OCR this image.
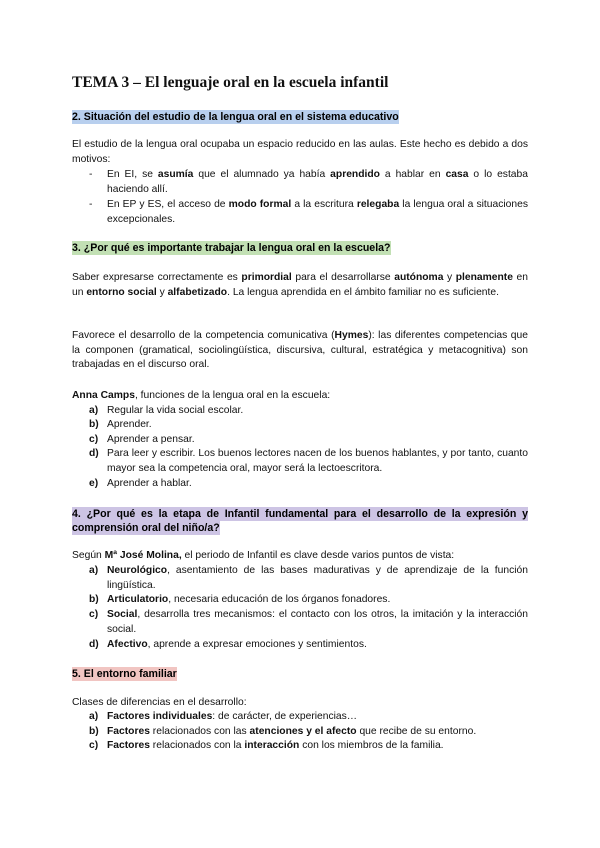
TEMA 3 – El lenguaje oral en la escuela infantil
2. Situación del estudio de la lengua oral en el sistema educativo
El estudio de la lengua oral ocupaba un espacio reducido en las aulas. Este hecho es debido a dos motivos:
- En EI, se asumía que el alumnado ya había aprendido a hablar en casa o lo estaba haciendo allí.
- En EP y ES, el acceso de modo formal a la escritura relegaba la lengua oral a situaciones excepcionales.
3. ¿Por qué es importante trabajar la lengua oral en la escuela?
Saber expresarse correctamente es primordial para el desarrollarse autónoma y plenamente en un entorno social y alfabetizado. La lengua aprendida en el ámbito familiar no es suficiente.
Favorece el desarrollo de la competencia comunicativa (Hymes): las diferentes competencias que la componen (gramatical, sociolingüística, discursiva, cultural, estratégica y metacognitiva) son trabajadas en el discurso oral.
Anna Camps, funciones de la lengua oral en la escuela:
a) Regular la vida social escolar.
b) Aprender.
c) Aprender a pensar.
d) Para leer y escribir. Los buenos lectores nacen de los buenos hablantes, y por tanto, cuanto mayor sea la competencia oral, mayor será la lectoescritora.
e) Aprender a hablar.
4. ¿Por qué es la etapa de Infantil fundamental para el desarrollo de la expresión y
comprensión oral del niño/a?
Según Mª José Molina, el periodo de Infantil es clave desde varios puntos de vista:
a) Neurológico, asentamiento de las bases madurativas y de aprendizaje de la función lingüística.
b) Articulatorio, necesaria educación de los órganos fonadores.
c) Social, desarrolla tres mecanismos: el contacto con los otros, la imitación y la interacción social.
d) Afectivo, aprende a expresar emociones y sentimientos.
5. El entorno familiar
Clases de diferencias en el desarrollo:
a) Factores individuales: de carácter, de experiencias…
b) Factores relacionados con las atenciones y el afecto que recibe de su entorno.
c) Factores relacionados con la interacción con los miembros de la familia.
